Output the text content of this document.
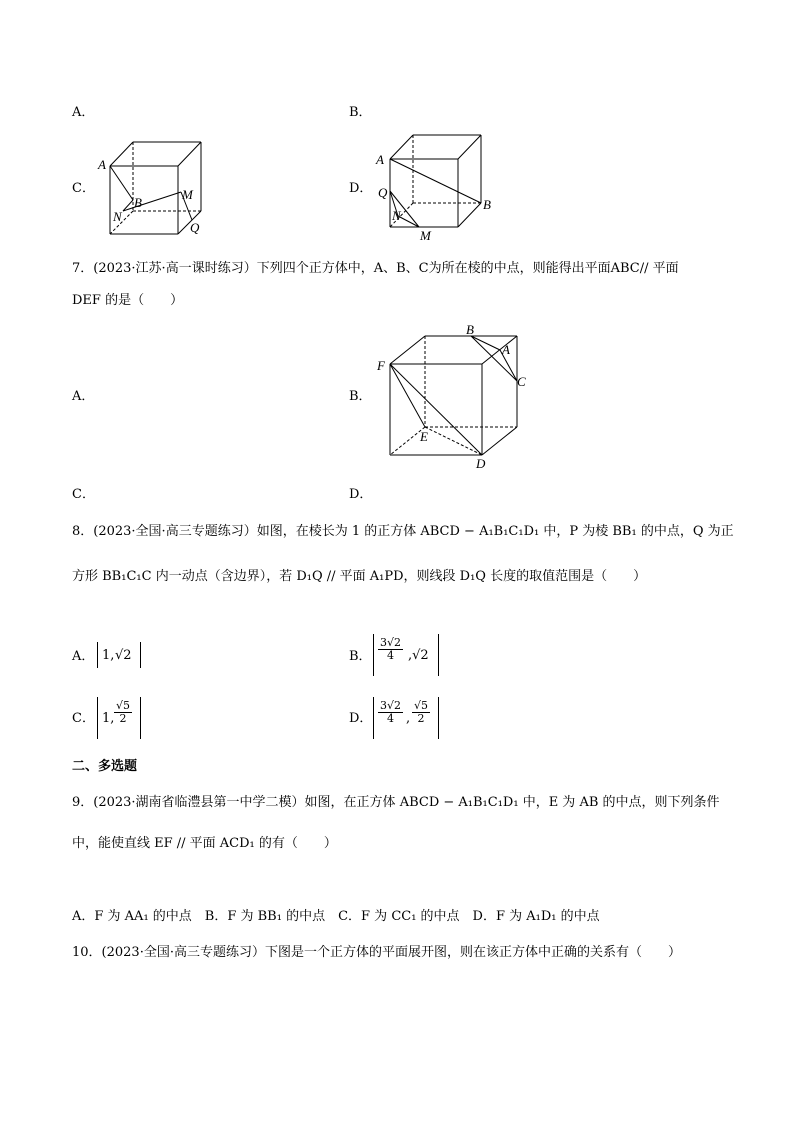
A．	B．
C．	D．
A
B
M
N
Q
A
B
Q
N
M
7．(2023·江苏·高一课时练习）下列四个正方体中，A、B、C为所在棱的中点，则能得出平面ABC// 平面
DEF 的是（　　）
A．	B．
C．	D．
B
A
C
F
E
D
8．(2023·全国·高三专题练习）如图，在棱长为 1 的正方体 ABCD − A₁B₁C₁D₁ 中，P 为棱 BB₁ 的中点，Q 为正
方形 BB₁C₁C 内一动点（含边界），若 D₁Q // 平面 A₁PD，则线段 D₁Q 长度的取值范围是（　　）
A． 1, √2	B． $\frac{3√2}{4} ,√2$
C． 1, $\frac{√5}{2}$	D． $\frac{3√2}{4}$ , $\frac{√5}{2}$
二、多选题
9．(2023·湖南省临澧县第一中学二模）如图，在正方体 ABCD − A₁B₁C₁D₁ 中，E 为 AB 的中点，则下列条件
中，能使直线 EF // 平面 ACD₁ 的有（　　）
A．F 为 AA₁ 的中点　B．F 为 BB₁ 的中点　C．F 为 CC₁ 的中点　D．F 为 A₁D₁ 的中点
10．(2023·全国·高三专题练习）下图是一个正方体的平面展开图，则在该正方体中正确的关系有（　　）
